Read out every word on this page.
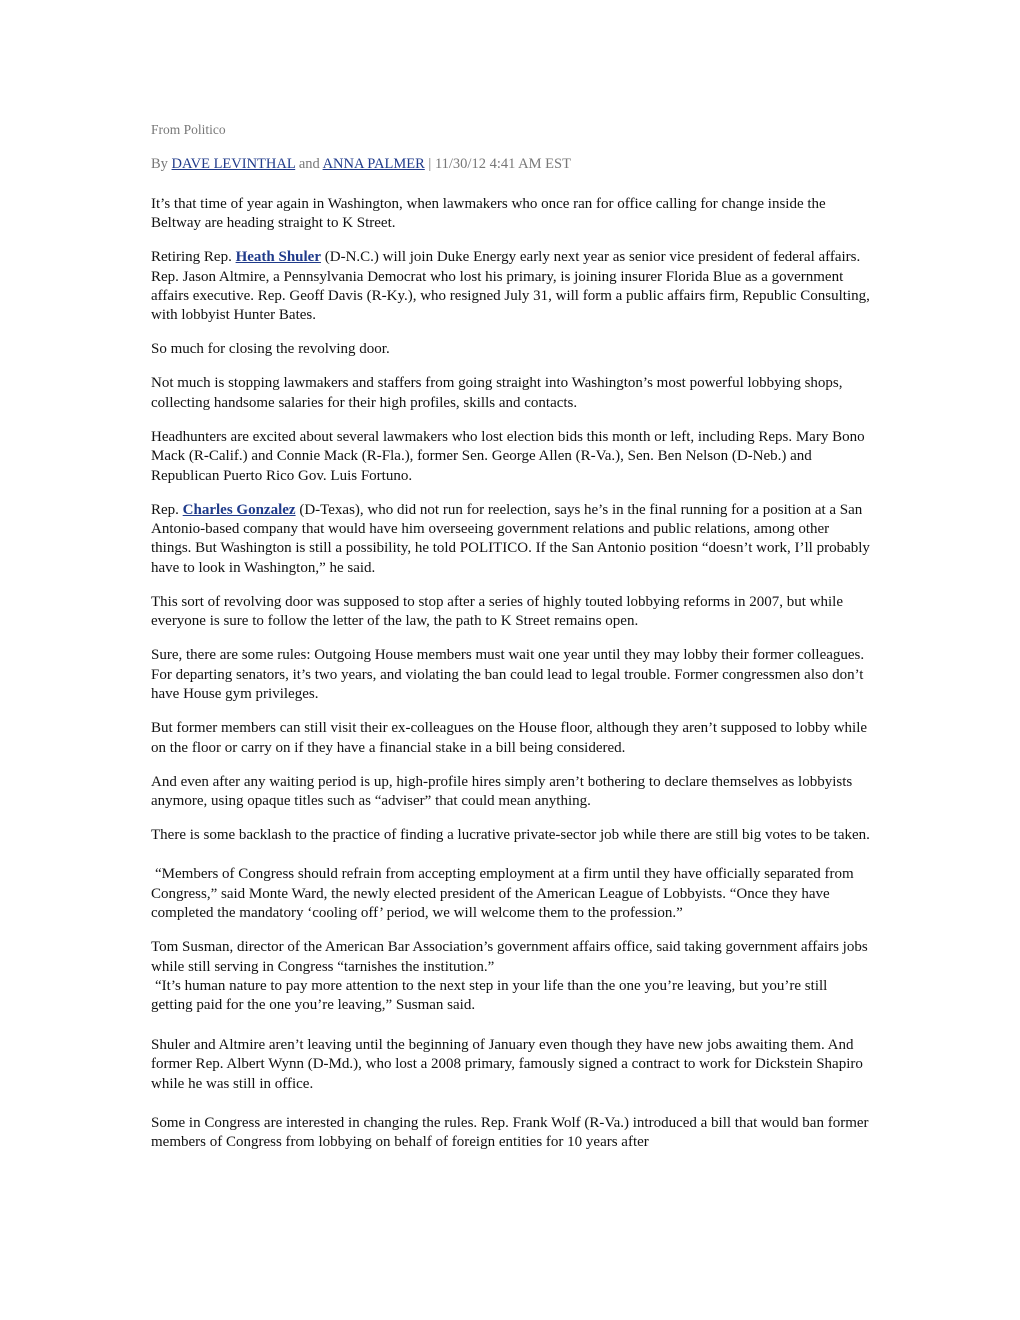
From Politico
By DAVE LEVINTHAL and ANNA PALMER | 11/30/12 4:41 AM EST

It’s that time of year again in Washington, when lawmakers who once ran for office calling for change inside the Beltway are heading straight to K Street.

Retiring Rep. Heath Shuler (D-N.C.) will join Duke Energy early next year as senior vice president of federal affairs. Rep. Jason Altmire, a Pennsylvania Democrat who lost his primary, is joining insurer Florida Blue as a government affairs executive. Rep. Geoff Davis (R-Ky.), who resigned July 31, will form a public affairs firm, Republic Consulting, with lobbyist Hunter Bates.

So much for closing the revolving door.

Not much is stopping lawmakers and staffers from going straight into Washington’s most powerful lobbying shops, collecting handsome salaries for their high profiles, skills and contacts.

Headhunters are excited about several lawmakers who lost election bids this month or left, including Reps. Mary Bono Mack (R-Calif.) and Connie Mack (R-Fla.), former Sen. George Allen (R-Va.), Sen. Ben Nelson (D-Neb.) and Republican Puerto Rico Gov. Luis Fortuno.

Rep. Charles Gonzalez (D-Texas), who did not run for reelection, says he’s in the final running for a position at a San Antonio-based company that would have him overseeing government relations and public relations, among other things. But Washington is still a possibility, he told POLITICO. If the San Antonio position “doesn’t work, I’ll probably have to look in Washington,” he said.

This sort of revolving door was supposed to stop after a series of highly touted lobbying reforms in 2007, but while everyone is sure to follow the letter of the law, the path to K Street remains open.

Sure, there are some rules: Outgoing House members must wait one year until they may lobby their former colleagues. For departing senators, it’s two years, and violating the ban could lead to legal trouble. Former congressmen also don’t have House gym privileges.

But former members can still visit their ex-colleagues on the House floor, although they aren’t supposed to lobby while on the floor or carry on if they have a financial stake in a bill being considered.

And even after any waiting period is up, high-profile hires simply aren’t bothering to declare themselves as lobbyists anymore, using opaque titles such as “adviser” that could mean anything.

There is some backlash to the practice of finding a lucrative private-sector job while there are still big votes to be taken.

“Members of Congress should refrain from accepting employment at a firm until they have officially separated from Congress,” said Monte Ward, the newly elected president of the American League of Lobbyists. “Once they have completed the mandatory ‘cooling off’ period, we will welcome them to the profession.”

Tom Susman, director of the American Bar Association’s government affairs office, said taking government affairs jobs while still serving in Congress “tarnishes the institution.”

“It’s human nature to pay more attention to the next step in your life than the one you’re leaving, but you’re still getting paid for the one you’re leaving,” Susman said.

Shuler and Altmire aren’t leaving until the beginning of January even though they have new jobs awaiting them. And former Rep. Albert Wynn (D-Md.), who lost a 2008 primary, famously signed a contract to work for Dickstein Shapiro while he was still in office.

Some in Congress are interested in changing the rules. Rep. Frank Wolf (R-Va.) introduced a bill that would ban former members of Congress from lobbying on behalf of foreign entities for 10 years after
